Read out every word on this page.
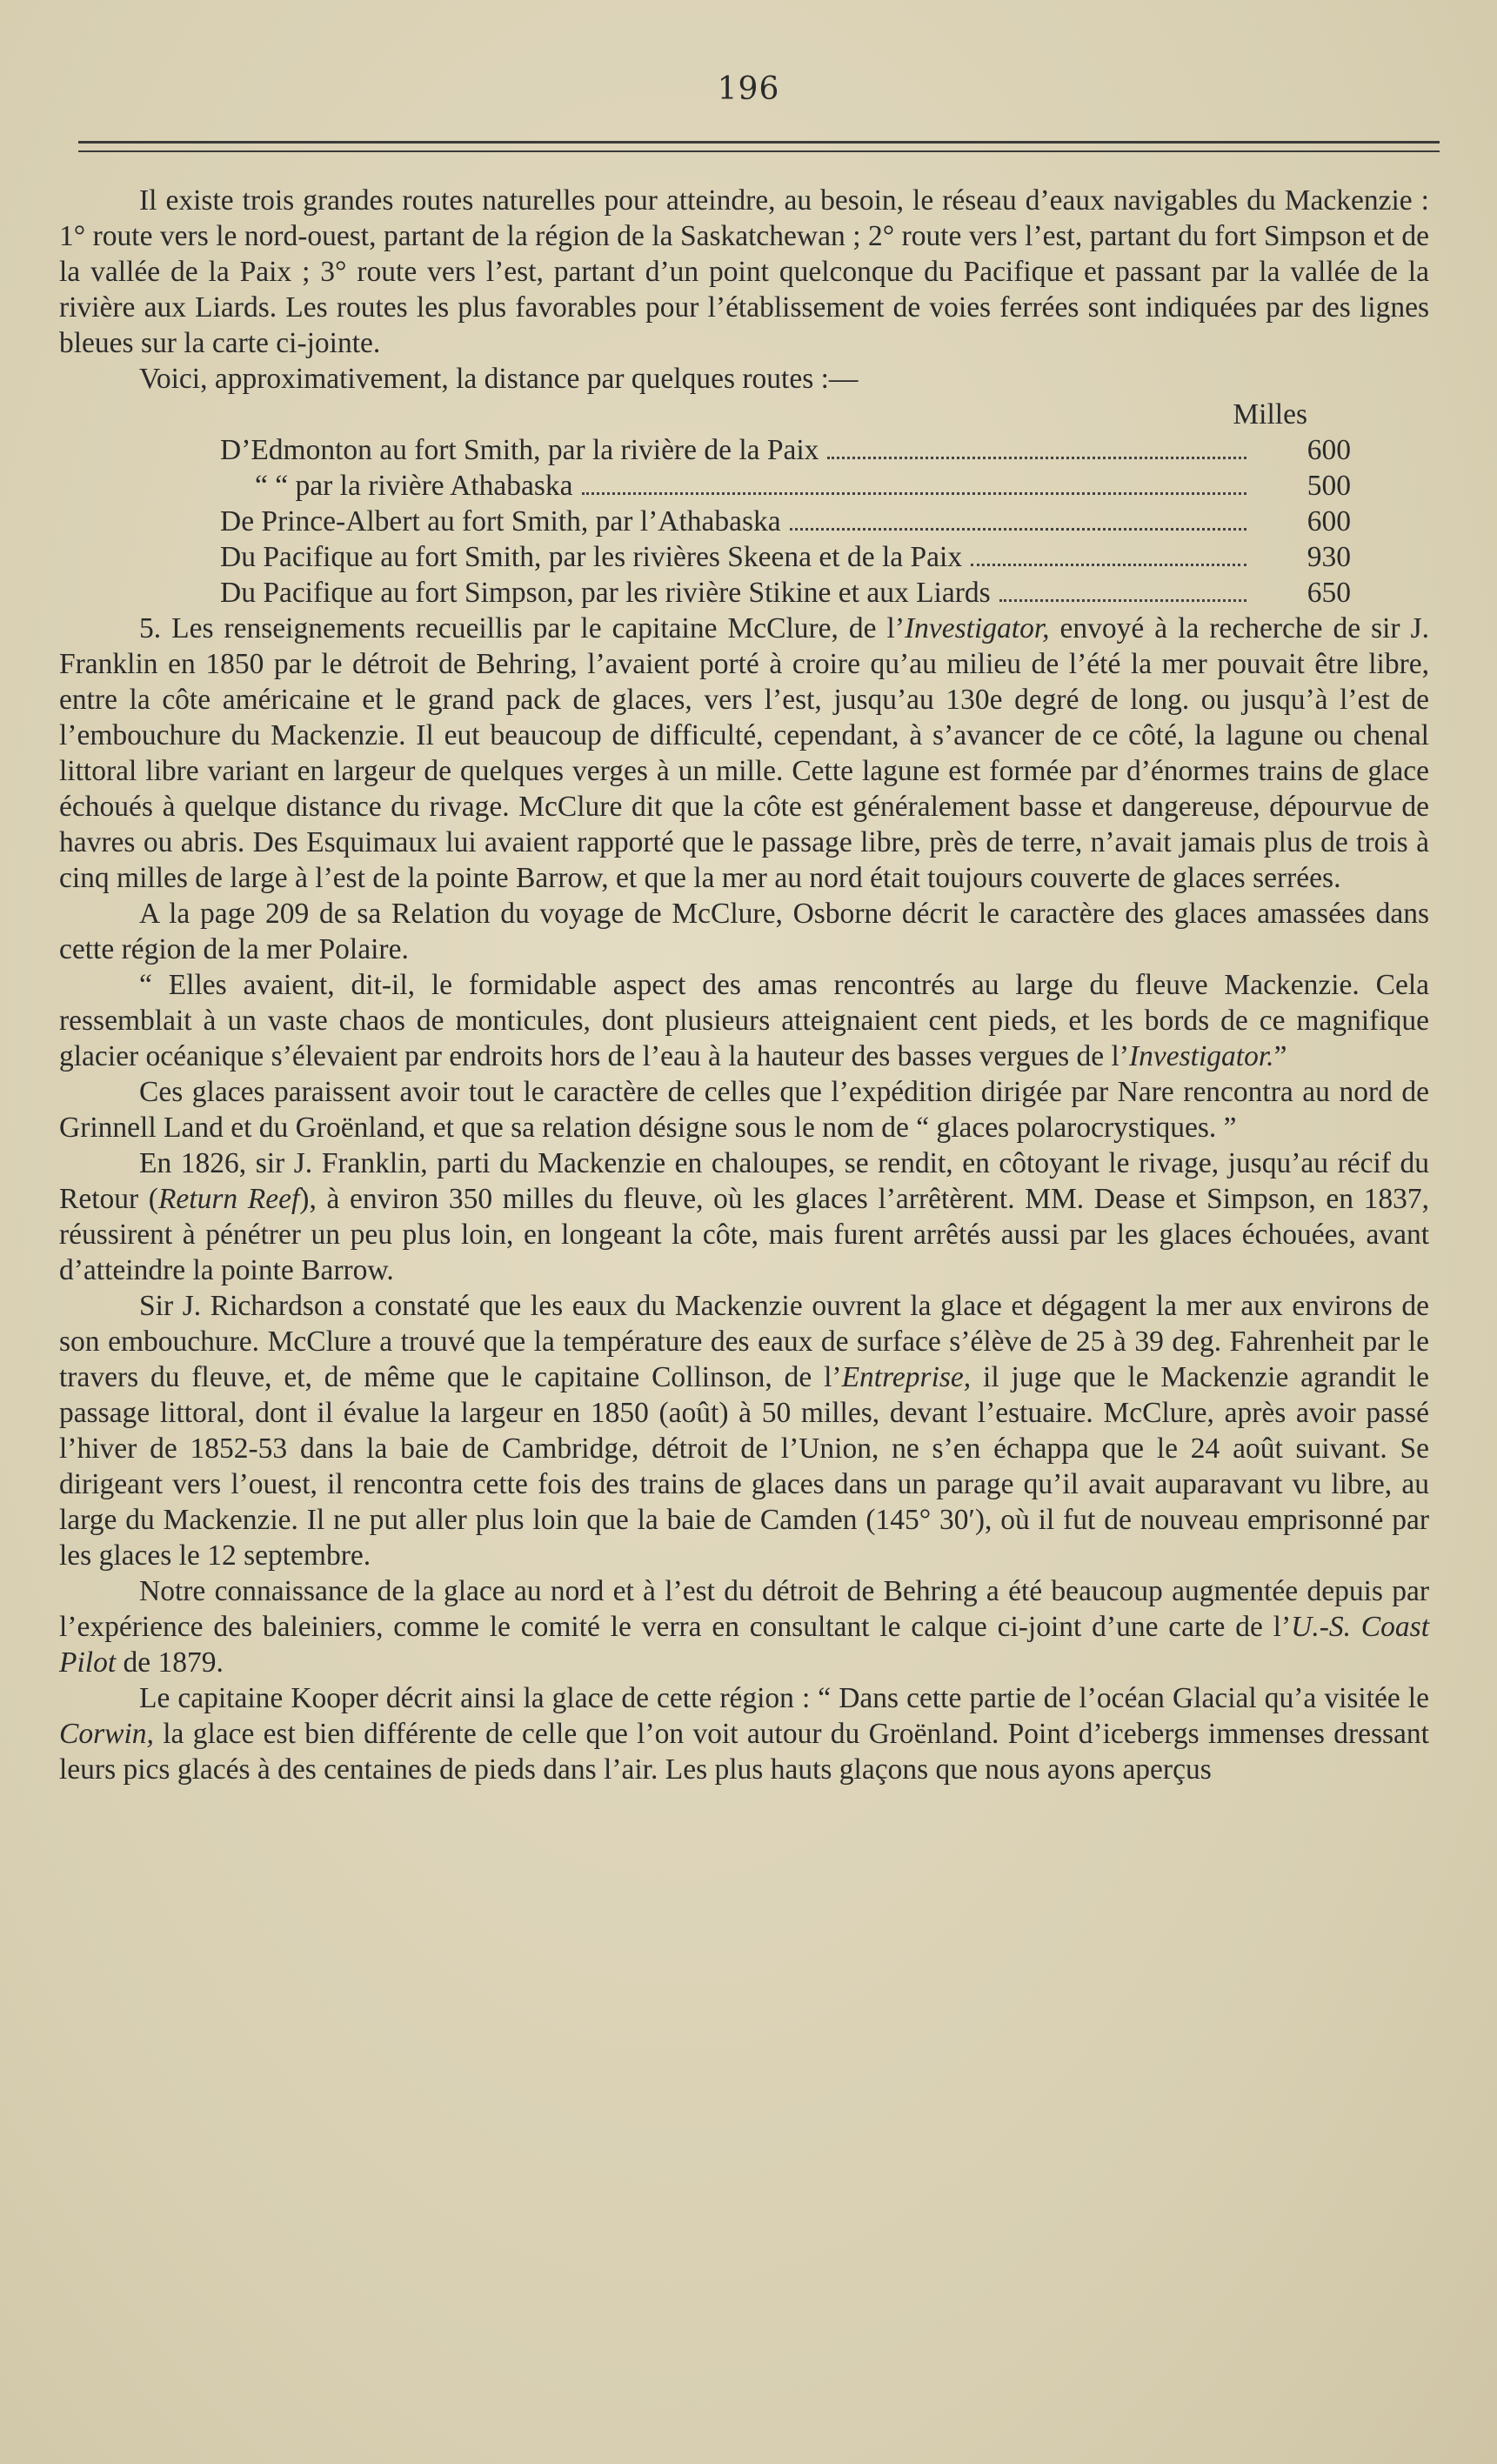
196

Il existe trois grandes routes naturelles pour atteindre, au besoin, le réseau d’eaux navigables du Mackenzie : 1° route vers le nord-ouest, partant de la région de la Saskatchewan ; 2° route vers l’est, partant du fort Simpson et de la vallée de la Paix ; 3° route vers l’est, partant d’un point quelconque du Pacifique et passant par la vallée de la rivière aux Liards. Les routes les plus favorables pour l’établissement de voies ferrées sont indiquées par des lignes bleues sur la carte ci-jointe.

Voici, approximativement, la distance par quelques routes :—

Milles
D’Edmonton au fort Smith, par la rivière de la Paix	600
“ “ par la rivière Athabaska	500
De Prince-Albert au fort Smith, par l’Athabaska	600
Du Pacifique au fort Smith, par les rivières Skeena et de la Paix	930
Du Pacifique au fort Simpson, par les rivière Stikine et aux Liards	650

5. Les renseignements recueillis par le capitaine McClure, de l’Investigator, envoyé à la recherche de sir J. Franklin en 1850 par le détroit de Behring, l’avaient porté à croire qu’au milieu de l’été la mer pouvait être libre, entre la côte américaine et le grand pack de glaces, vers l’est, jusqu’au 130e degré de long. ou jusqu’à l’est de l’embouchure du Mackenzie. Il eut beaucoup de difficulté, cependant, à s’avancer de ce côté, la lagune ou chenal littoral libre variant en largeur de quelques verges à un mille. Cette lagune est formée par d’énormes trains de glace échoués à quelque distance du rivage. McClure dit que la côte est généralement basse et dangereuse, dépourvue de havres ou abris. Des Esquimaux lui avaient rapporté que le passage libre, près de terre, n’avait jamais plus de trois à cinq milles de large à l’est de la pointe Barrow, et que la mer au nord était toujours couverte de glaces serrées.

A la page 209 de sa Relation du voyage de McClure, Osborne décrit le caractère des glaces amassées dans cette région de la mer Polaire.

“ Elles avaient, dit-il, le formidable aspect des amas rencontrés au large du fleuve Mackenzie. Cela ressemblait à un vaste chaos de monticules, dont plusieurs atteignaient cent pieds, et les bords de ce magnifique glacier océanique s’élevaient par endroits hors de l’eau à la hauteur des basses vergues de l’Investigator.”

Ces glaces paraissent avoir tout le caractère de celles que l’expédition dirigée par Nare rencontra au nord de Grinnell Land et du Groënland, et que sa relation désigne sous le nom de “ glaces polarocrystiques. ”

En 1826, sir J. Franklin, parti du Mackenzie en chaloupes, se rendit, en côtoyant le rivage, jusqu’au récif du Retour (Return Reef), à environ 350 milles du fleuve, où les glaces l’arrêtèrent. MM. Dease et Simpson, en 1837, réussirent à pénétrer un peu plus loin, en longeant la côte, mais furent arrêtés aussi par les glaces échouées, avant d’atteindre la pointe Barrow.

Sir J. Richardson a constaté que les eaux du Mackenzie ouvrent la glace et dégagent la mer aux environs de son embouchure. McClure a trouvé que la température des eaux de surface s’élève de 25 à 39 deg. Fahrenheit par le travers du fleuve, et, de même que le capitaine Collinson, de l’Entreprise, il juge que le Mackenzie agrandit le passage littoral, dont il évalue la largeur en 1850 (août) à 50 milles, devant l’estuaire. McClure, après avoir passé l’hiver de 1852-53 dans la baie de Cambridge, détroit de l’Union, ne s’en échappa que le 24 août suivant. Se dirigeant vers l’ouest, il rencontra cette fois des trains de glaces dans un parage qu’il avait auparavant vu libre, au large du Mackenzie. Il ne put aller plus loin que la baie de Camden (145° 30′), où il fut de nouveau emprisonné par les glaces le 12 septembre.

Notre connaissance de la glace au nord et à l’est du détroit de Behring a été beaucoup augmentée depuis par l’expérience des baleiniers, comme le comité le verra en consultant le calque ci-joint d’une carte de l’U.-S. Coast Pilot de 1879.

Le capitaine Kooper décrit ainsi la glace de cette région : “ Dans cette partie de l’océan Glacial qu’a visitée le Corwin, la glace est bien différente de celle que l’on voit autour du Groënland. Point d’icebergs immenses dressant leurs pics glacés à des centaines de pieds dans l’air. Les plus hauts glaçons que nous ayons aperçus
